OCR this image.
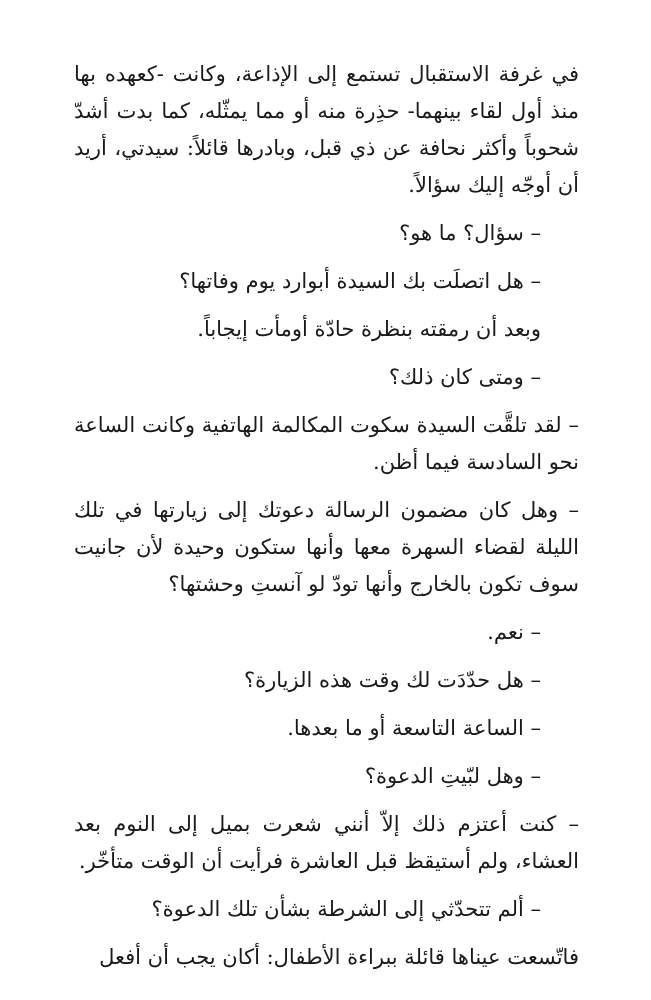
في غرفة الاستقبال تستمع إلى الإذاعة، وكانت -كعهده بها منذ أول لقاء بينهما- حذِرة منه أو مما يمثّله، كما بدت أشدّ شحوباً وأكثر نحافة عن ذي قبل، وبادرها قائلاً: سيدتي، أريد أن أوجّه إليك سؤالاً.

– سؤال؟ ما هو؟

– هل اتصلَت بك السيدة أبوارد يوم وفاتها؟

وبعد أن رمقته بنظرة حادّة أومأت إيجاباً.

– ومتى كان ذلك؟

– لقد تلقَّت السيدة سكوت المكالمة الهاتفية وكانت الساعة نحو السادسة فيما أظن.

– وهل كان مضمون الرسالة دعوتك إلى زيارتها في تلك الليلة لقضاء السهرة معها وأنها ستكون وحيدة لأن جانيت سوف تكون بالخارج وأنها تودّ لو آنستِ وحشتها؟

– نعم.

– هل حدّدَت لك وقت هذه الزيارة؟

– الساعة التاسعة أو ما بعدها.

– وهل لبّيتِ الدعوة؟

– كنت أعتزم ذلك إلاّ أنني شعرت بميل إلى النوم بعد العشاء، ولم أستيقظ قبل العاشرة فرأيت أن الوقت متأخّر.

– ألم تتحدّثي إلى الشرطة بشأن تلك الدعوة؟

فاتّسعت عيناها قائلة ببراءة الأطفال: أكان يجب أن أفعل
